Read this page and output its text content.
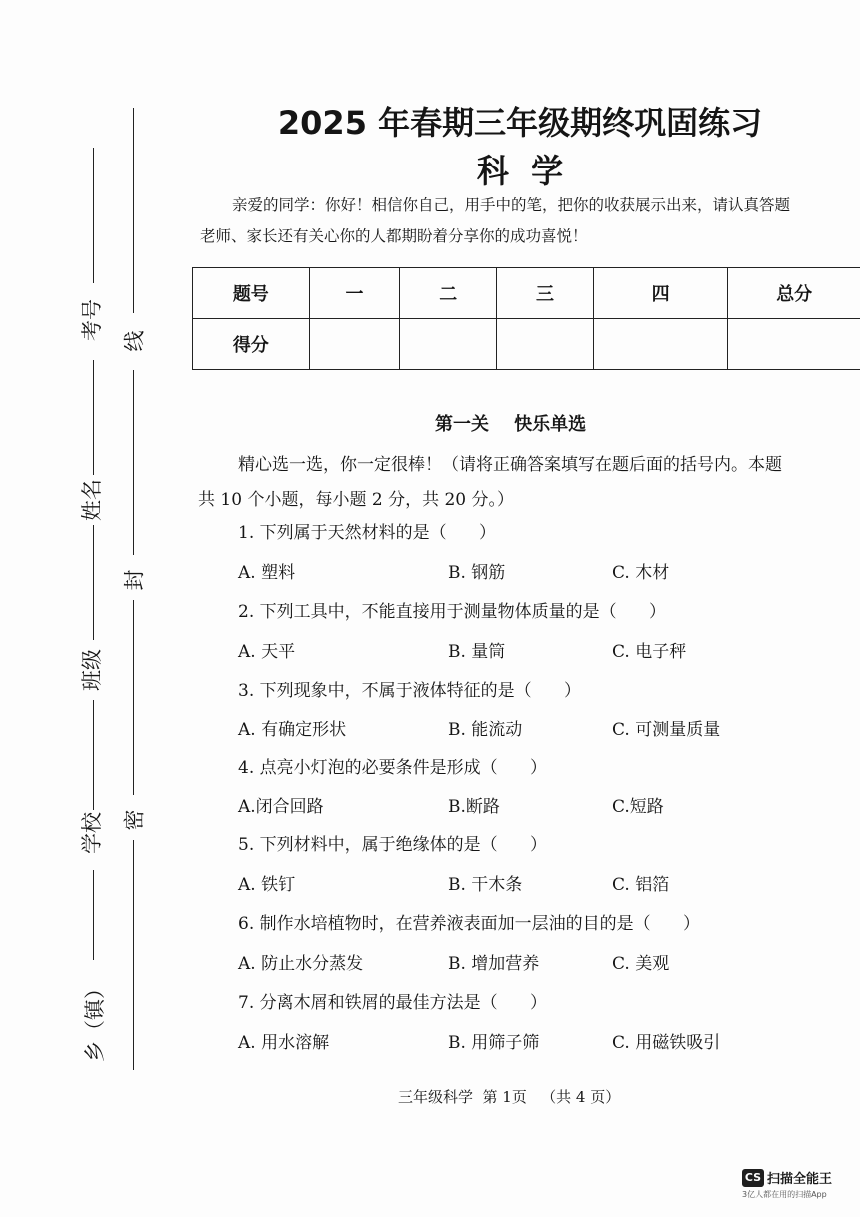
考号
姓名
班级
学校
乡（镇）
线
封
密
2025 年春期三年级期终巩固练习
科  学
亲爱的同学：你好！相信你自己，用手中的笔，把你的收获展示出来，请认真答题
老师、家长还有关心你的人都期盼着分享你的成功喜悦！
题号	一	二	三	四	总分
得分					
第一关    快乐单选
精心选一选，你一定很棒！（请将正确答案填写在题后面的括号内。本题
共 10 个小题，每小题 2 分，共 20 分。）
1. 下列属于天然材料的是（      ）
A. 塑料	B. 钢筋	C. 木材
2. 下列工具中，不能直接用于测量物体质量的是（      ）
A. 天平	B. 量筒	C. 电子秤
3. 下列现象中，不属于液体特征的是（      ）
A. 有确定形状	B. 能流动	C. 可测量质量
4. 点亮小灯泡的必要条件是形成（      ）
A.闭合回路	B.断路	C.短路
5. 下列材料中，属于绝缘体的是（      ）
A. 铁钉	B. 干木条	C. 铝箔
6. 制作水培植物时，在营养液表面加一层油的目的是（      ）
A. 防止水分蒸发	B. 增加营养	C. 美观
7. 分离木屑和铁屑的最佳方法是（      ）
A. 用水溶解	B. 用筛子筛	C. 用磁铁吸引
三年级科学  第 1页   （共 4 页）
CS 扫描全能王
3亿人都在用的扫描App
